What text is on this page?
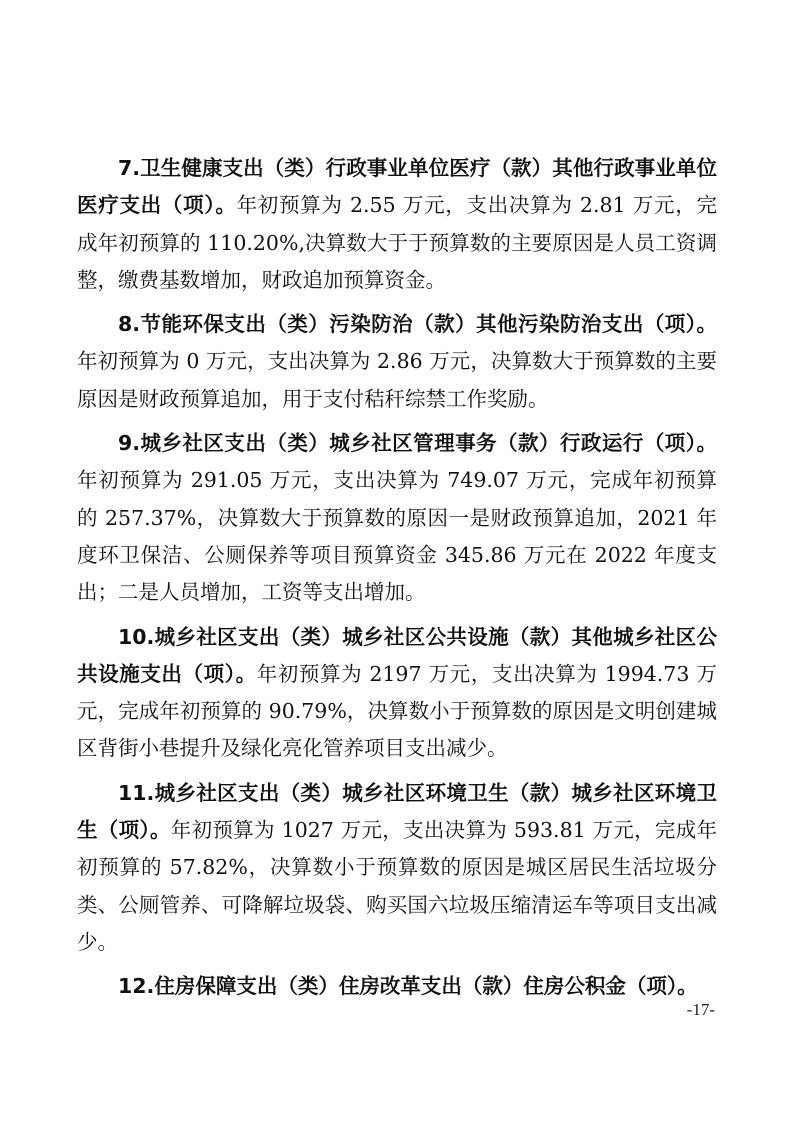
7.卫生健康支出（类）行政事业单位医疗（款）其他行政事业单位医疗支出（项）。年初预算为 2.55 万元，支出决算为 2.81 万元，完成年初预算的 110.20%,决算数大于于预算数的主要原因是人员工资调整，缴费基数增加，财政追加预算资金。

8.节能环保支出（类）污染防治（款）其他污染防治支出（项）。年初预算为 0 万元，支出决算为 2.86 万元，决算数大于预算数的主要原因是财政预算追加，用于支付秸秆综禁工作奖励。

9.城乡社区支出（类）城乡社区管理事务（款）行政运行（项）。年初预算为 291.05 万元，支出决算为 749.07 万元，完成年初预算的 257.37%，决算数大于预算数的原因一是财政预算追加，2021 年度环卫保洁、公厕保养等项目预算资金 345.86 万元在 2022 年度支出；二是人员增加，工资等支出增加。

10.城乡社区支出（类）城乡社区公共设施（款）其他城乡社区公共设施支出（项）。年初预算为 2197 万元，支出决算为 1994.73 万元，完成年初预算的 90.79%，决算数小于预算数的原因是文明创建城区背街小巷提升及绿化亮化管养项目支出减少。

11.城乡社区支出（类）城乡社区环境卫生（款）城乡社区环境卫生（项）。年初预算为 1027 万元，支出决算为 593.81 万元，完成年初预算的 57.82%，决算数小于预算数的原因是城区居民生活垃圾分类、公厕管养、可降解垃圾袋、购买国六垃圾压缩清运车等项目支出减少。

12.住房保障支出（类）住房改革支出（款）住房公积金（项）。

-17-
